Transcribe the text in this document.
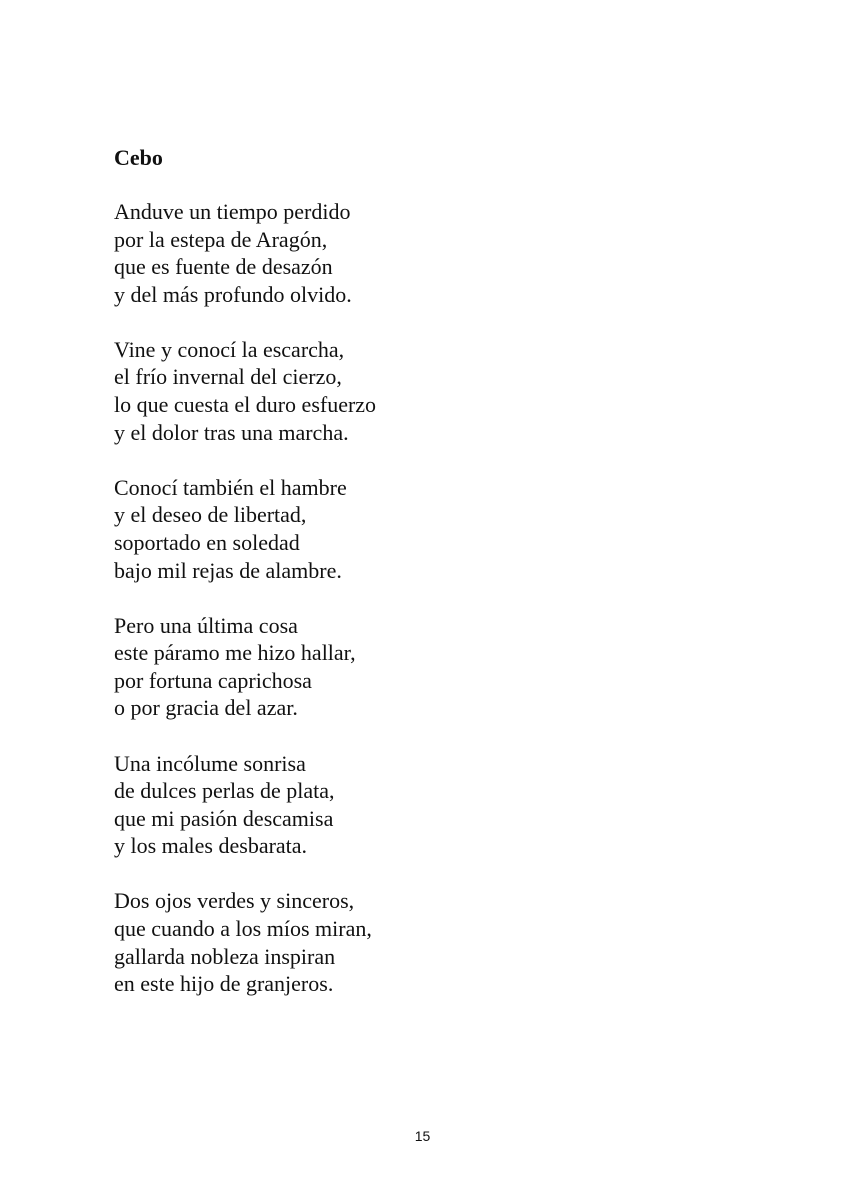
Cebo
Anduve un tiempo perdido
por la estepa de Aragón,
que es fuente de desazón
y del más profundo olvido.
Vine y conocí la escarcha,
el frío invernal del cierzo,
lo que cuesta el duro esfuerzo
y el dolor tras una marcha.
Conocí también el hambre
y el deseo de libertad,
soportado en soledad
bajo mil rejas de alambre.
Pero una última cosa
este páramo me hizo hallar,
por fortuna caprichosa
o por gracia del azar.
Una incólume sonrisa
de dulces perlas de plata,
que mi pasión descamisa
y los males desbarata.
Dos ojos verdes y sinceros,
que cuando a los míos miran,
gallarda nobleza inspiran
en este hijo de granjeros.
15
